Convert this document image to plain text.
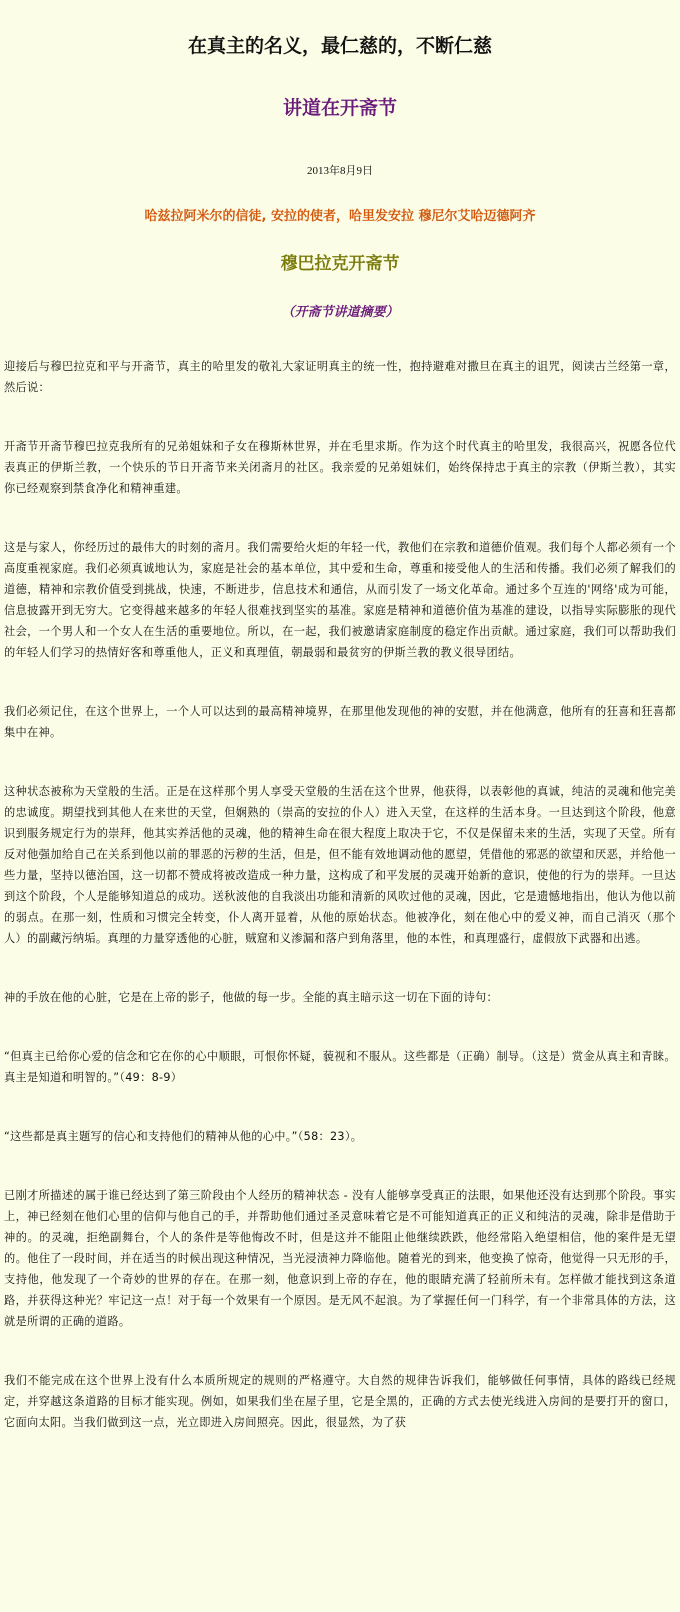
在真主的名义，最仁慈的，不断仁慈
讲道在开斋节
2013年8月9日
哈兹拉阿米尔的信徒, 安拉的使者，哈里发安拉 穆尼尔艾哈迈德阿齐
穆巴拉克开斋节
（开斋节讲道摘要）

迎接后与穆巴拉克和平与开斋节，真主的哈里发的敬礼大家证明真主的统一性，抱持避难对撒旦在真主的诅咒，阅读古兰经第一章，然后说：

开斋节开斋节穆巴拉克我所有的兄弟姐妹和子女在穆斯林世界，并在毛里求斯。作为这个时代真主的哈里发，我很高兴，祝愿各位代表真正的伊斯兰教，一个快乐的节日开斋节来关闭斋月的社区。我亲爱的兄弟姐妹们，始终保持忠于真主的宗教（伊斯兰教），其实你已经观察到禁食净化和精神重建。

这是与家人，你经历过的最伟大的时刻的斋月。我们需要给火炬的年轻一代，教他们在宗教和道德价值观。我们每个人都必须有一个高度重视家庭。我们必须真诚地认为，家庭是社会的基本单位，其中爱和生命，尊重和接受他人的生活和传播。我们必须了解我们的道德，精神和宗教价值受到挑战，快速，不断进步，信息技术和通信，从而引发了一场文化革命。通过多个互连的'网络'成为可能，信息披露开到无穷大。它变得越来越多的年轻人很难找到坚实的基准。家庭是精神和道德价值为基准的建设，以指导实际膨胀的现代社会，一个男人和一个女人在生活的重要地位。所以，在一起，我们被邀请家庭制度的稳定作出贡献。通过家庭，我们可以帮助我们的年轻人们学习的热情好客和尊重他人，正义和真理值，朝最弱和最贫穷的伊斯兰教的教义很导团结。

我们必须记住，在这个世界上，一个人可以达到的最高精神境界，在那里他发现他的神的安慰，并在他满意，他所有的狂喜和狂喜都集中在神。

这种状态被称为天堂般的生活。正是在这样那个男人享受天堂般的生活在这个世界，他获得，以表彰他的真诚，纯洁的灵魂和他完美的忠诚度。期望找到其他人在来世的天堂，但娴熟的（崇高的安拉的仆人）进入天堂，在这样的生活本身。一旦达到这个阶段，他意识到服务规定行为的崇拜，他其实养活他的灵魂，他的精神生命在很大程度上取决于它，不仅是保留未来的生活，实现了天堂。所有反对他强加给自己在关系到他以前的罪恶的污秽的生活，但是，但不能有效地调动他的愿望，凭借他的邪恶的欲望和厌恶，并给他一些力量，坚持以德治国，这一切都不赞成将被改造成一种力量，这构成了和平发展的灵魂开始新的意识，使他的行为的崇拜。一旦达到这个阶段，个人是能够知道总的成功。送秋波他的自我淡出功能和清新的风吹过他的灵魂，因此，它是遗憾地指出，他认为他以前的弱点。在那一刻，性质和习惯完全转变，仆人离开显着，从他的原始状态。他被净化，刻在他心中的爱义神，而自己消灭（那个人）的副藏污纳垢。真理的力量穿透他的心脏，贼窟和义渗漏和落户到角落里，他的本性，和真理盛行，虚假放下武器和出逃。

神的手放在他的心脏，它是在上帝的影子，他做的每一步。全能的真主暗示这一切在下面的诗句：

“但真主已给你心爱的信念和它在你的心中顺眼，可恨你怀疑，藐视和不服从。这些都是（正确）制导。（这是）赏金从真主和青睐。真主是知道和明智的。”（49：8-9）

“这些都是真主题写的信心和支持他们的精神从他的心中。”（58：23）。

已刚才所描述的属于谁已经达到了第三阶段由个人经历的精神状态 - 没有人能够享受真正的法眼，如果他还没有达到那个阶段。事实上，神已经刻在他们心里的信仰与他自己的手，并帮助他们通过圣灵意味着它是不可能知道真正的正义和纯洁的灵魂，除非是借助于神的。的灵魂，拒绝副舞台，个人的条件是等他悔改不时，但是这并不能阻止他继续跌跌，他经常陷入绝望相信，他的案件是无望的。他住了一段时间，并在适当的时候出现这种情况，当光浸渍神力降临他。随着光的到来，他变换了惊奇，他觉得一只无形的手，支持他，他发现了一个奇妙的世界的存在。在那一刻，他意识到上帝的存在，他的眼睛充满了轻前所未有。怎样做才能找到这条道路，并获得这种光？牢记这一点！对于每一个效果有一个原因。是无风不起浪。为了掌握任何一门科学，有一个非常具体的方法，这就是所谓的正确的道路。

我们不能完成在这个世界上没有什么本质所规定的规则的严格遵守。大自然的规律告诉我们，能够做任何事情，具体的路线已经规定，并穿越这条道路的目标才能实现。例如，如果我们坐在屋子里，它是全黑的，正确的方式去使光线进入房间的是要打开的窗口，它面向太阳。当我们做到这一点，光立即进入房间照亮。因此，很显然，为了获
